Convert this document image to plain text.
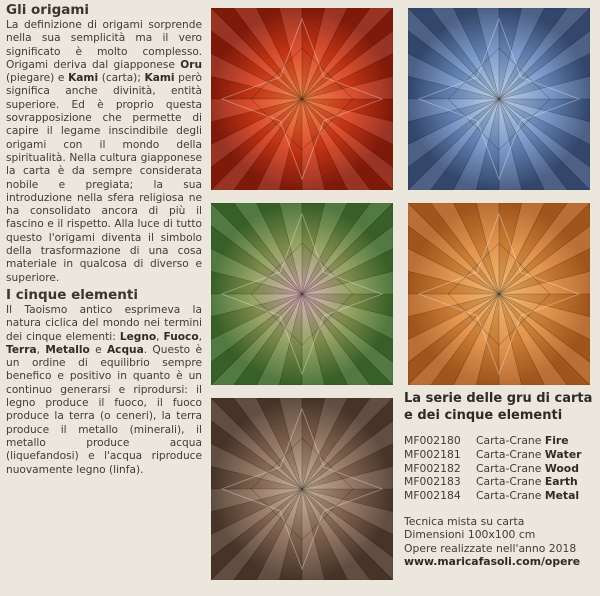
Gli origami

La definizione di origami sorprende nella sua semplicità ma il vero significato è molto complesso. Origami deriva dal giapponese Oru (piegare) e Kami (carta); Kami però significa anche divinità, entità superiore. Ed è proprio questa sovrapposizione che permette di capire il legame inscindibile degli origami con il mondo della spiritualità. Nella cultura giapponese la carta è da sempre considerata nobile e pregiata; la sua introduzione nella sfera religiosa ne ha consolidato ancora di più il fascino e il rispetto. Alla luce di tutto questo l'origami diventa il simbolo della trasformazione di una cosa materiale in qualcosa di diverso e superiore.

I cinque elementi

Il Taoismo antico esprimeva la natura ciclica del mondo nei termini dei cinque elementi: Legno, Fuoco, Terra, Metallo e Acqua. Questo è un ordine di equilibrio sempre benefico e positivo in quanto è un continuo generarsi e riprodursi: il legno produce il fuoco, il fuoco produce la terra (o ceneri), la terra produce il metallo (minerali), il metallo produce acqua (liquefandosi) e l'acqua riproduce nuovamente legno (linfa).

La serie delle gru di carta e dei cinque elementi

MF002180	Carta-Crane Fire
MF002181	Carta-Crane Water
MF002182	Carta-Crane Wood
MF002183	Carta-Crane Earth
MF002184	Carta-Crane Metal
Tecnica mista su carta
Dimensioni 100x100 cm
Opere realizzate nell'anno 2018
www.maricafasoli.com/opere
